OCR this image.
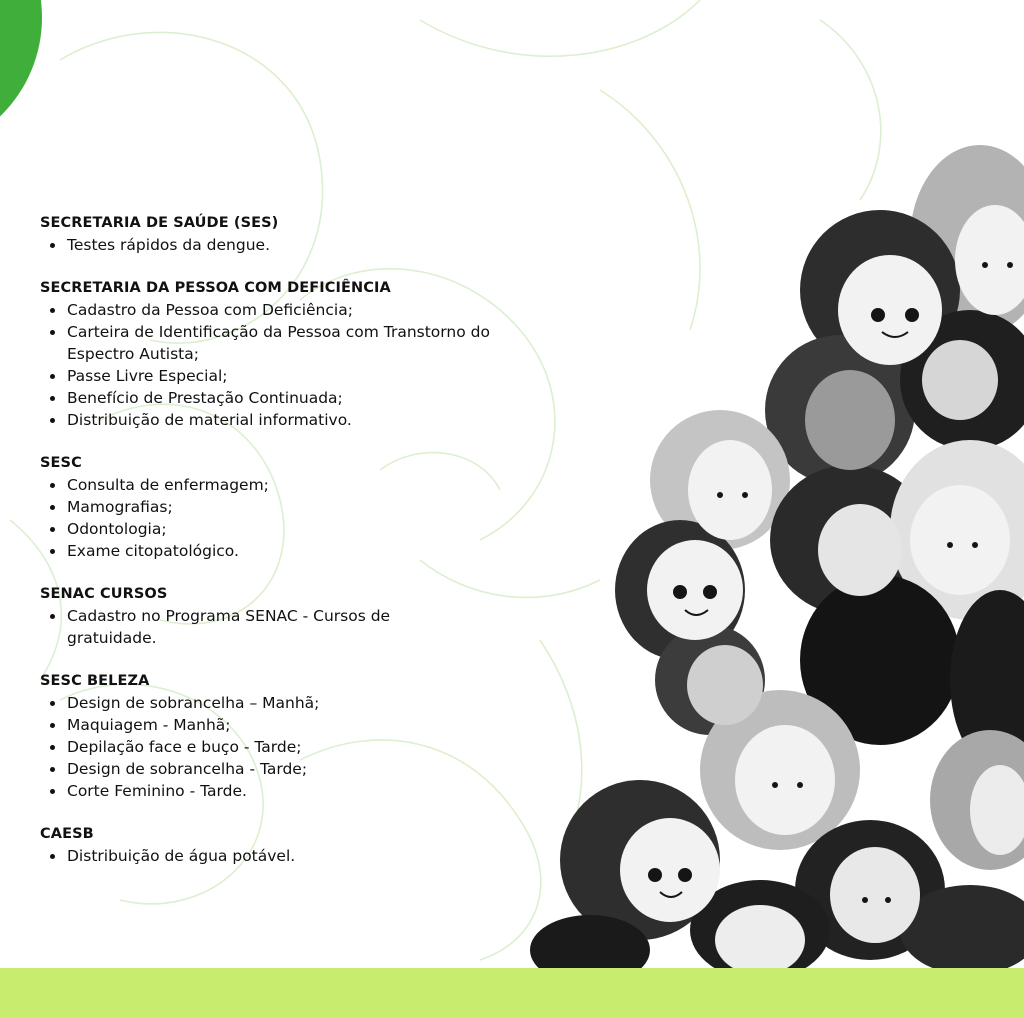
SECRETARIA DE SAÚDE (SES)

Testes rápidos da dengue.

SECRETARIA DA PESSOA COM DEFICIÊNCIA

Cadastro da Pessoa com Deficiência;
Carteira de Identificação da Pessoa com Transtorno do Espectro Autista;
Passe Livre Especial;
Benefício de Prestação Continuada;
Distribuição de material informativo.

SESC

Consulta de enfermagem;
Mamografias;
Odontologia;
Exame citopatológico.

SENAC CURSOS

Cadastro no Programa SENAC - Cursos de gratuidade.

SESC BELEZA

Design de sobrancelha – Manhã;
Maquiagem - Manhã;
Depilação face e buço - Tarde;
Design de sobrancelha - Tarde;
Corte Feminino - Tarde.

CAESB

Distribuição de água potável.
